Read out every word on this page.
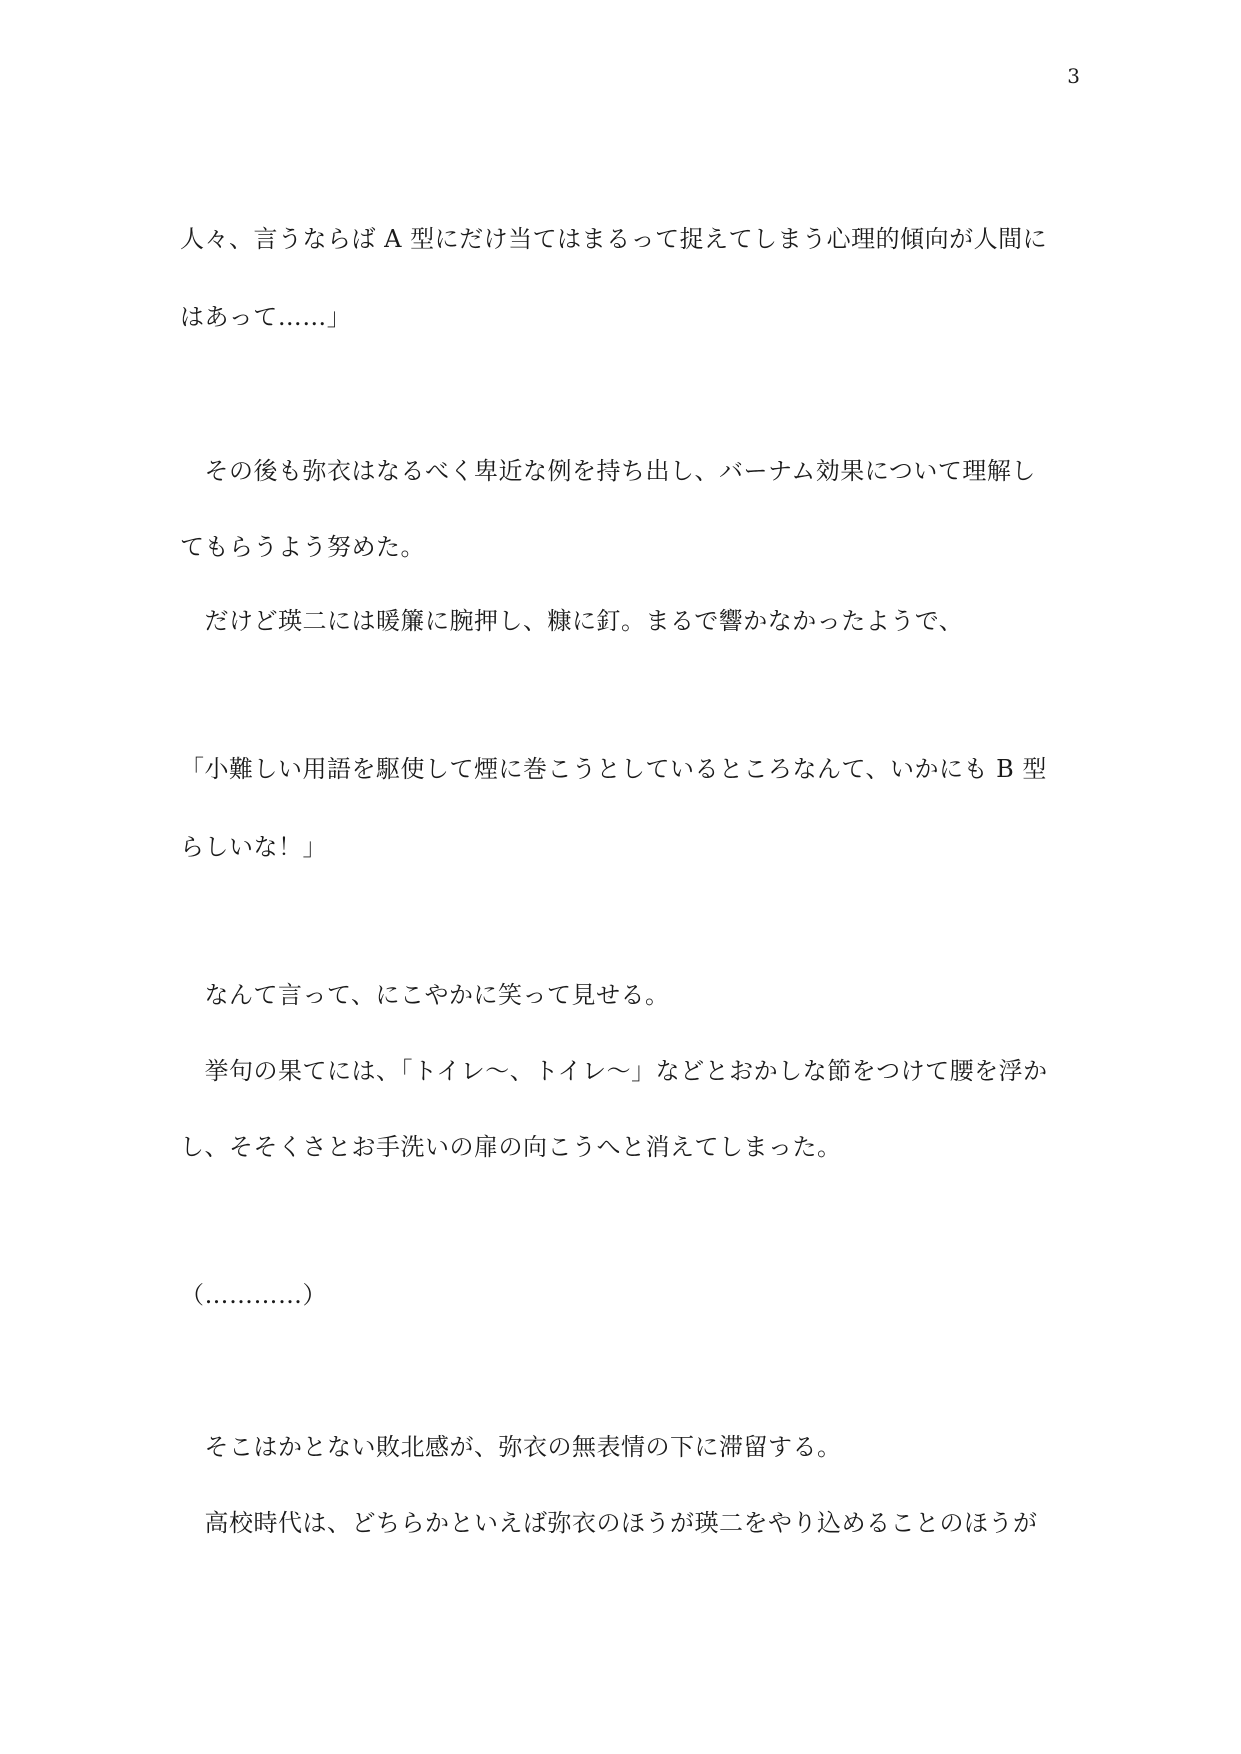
3
人々、言うならば A 型にだけ当てはまるって捉えてしまう心理的傾向が人間に
はあって……」
　その後も弥衣はなるべく卑近な例を持ち出し、バーナム効果について理解し
てもらうよう努めた。
　だけど瑛二には暖簾に腕押し、糠に釘。まるで響かなかったようで、
「小難しい用語を駆使して煙に巻こうとしているところなんて、いかにも B 型
らしいな！」
　なんて言って、にこやかに笑って見せる。
　挙句の果てには、「トイレ〜、トイレ〜」などとおかしな節をつけて腰を浮か
し、そそくさとお手洗いの扉の向こうへと消えてしまった。
（…………）
　そこはかとない敗北感が、弥衣の無表情の下に滞留する。
　高校時代は、どちらかといえば弥衣のほうが瑛二をやり込めることのほうが
